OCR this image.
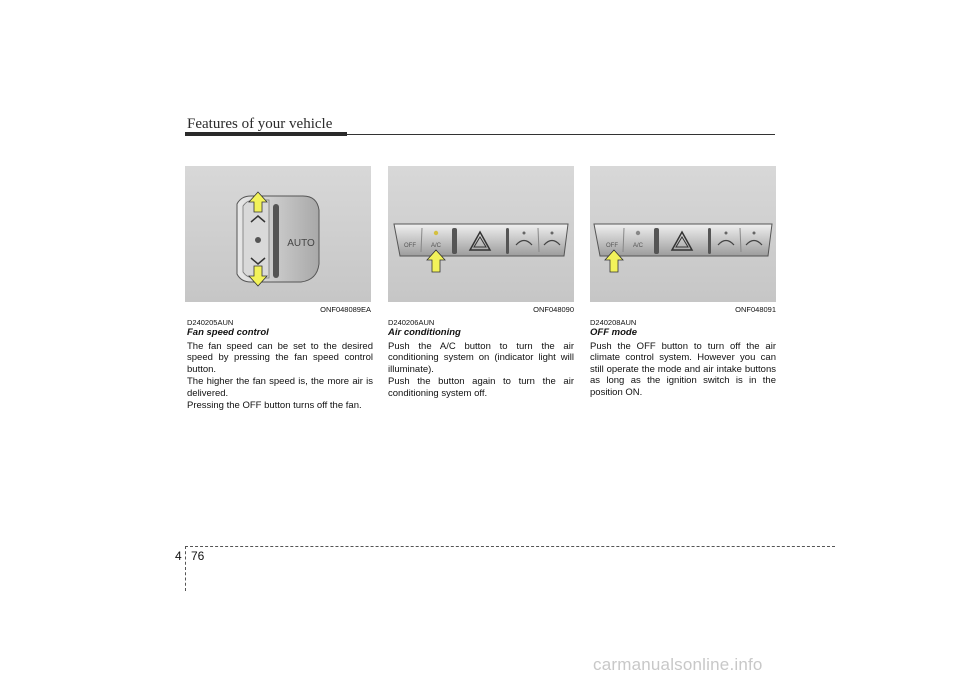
Features of your vehicle
AUTO
ONF048089EA
OFF A/C
ONF048090
OFF A/C
ONF048091
D240205AUN
Fan speed control

The fan speed can be set to the desired speed by pressing the fan speed control button.

The higher the fan speed is, the more air is delivered.

Pressing the OFF button turns off the fan.

D240206AUN
Air conditioning

Push the A/C button to turn the air conditioning system on (indicator light will illuminate).

Push the button again to turn the air conditioning system off.

D240208AUN
OFF mode

Push the OFF button to turn off the air climate control system. However you can still operate the mode and air intake buttons as long as the ignition switch is in the position ON.

4 76
carmanualsonline.info
